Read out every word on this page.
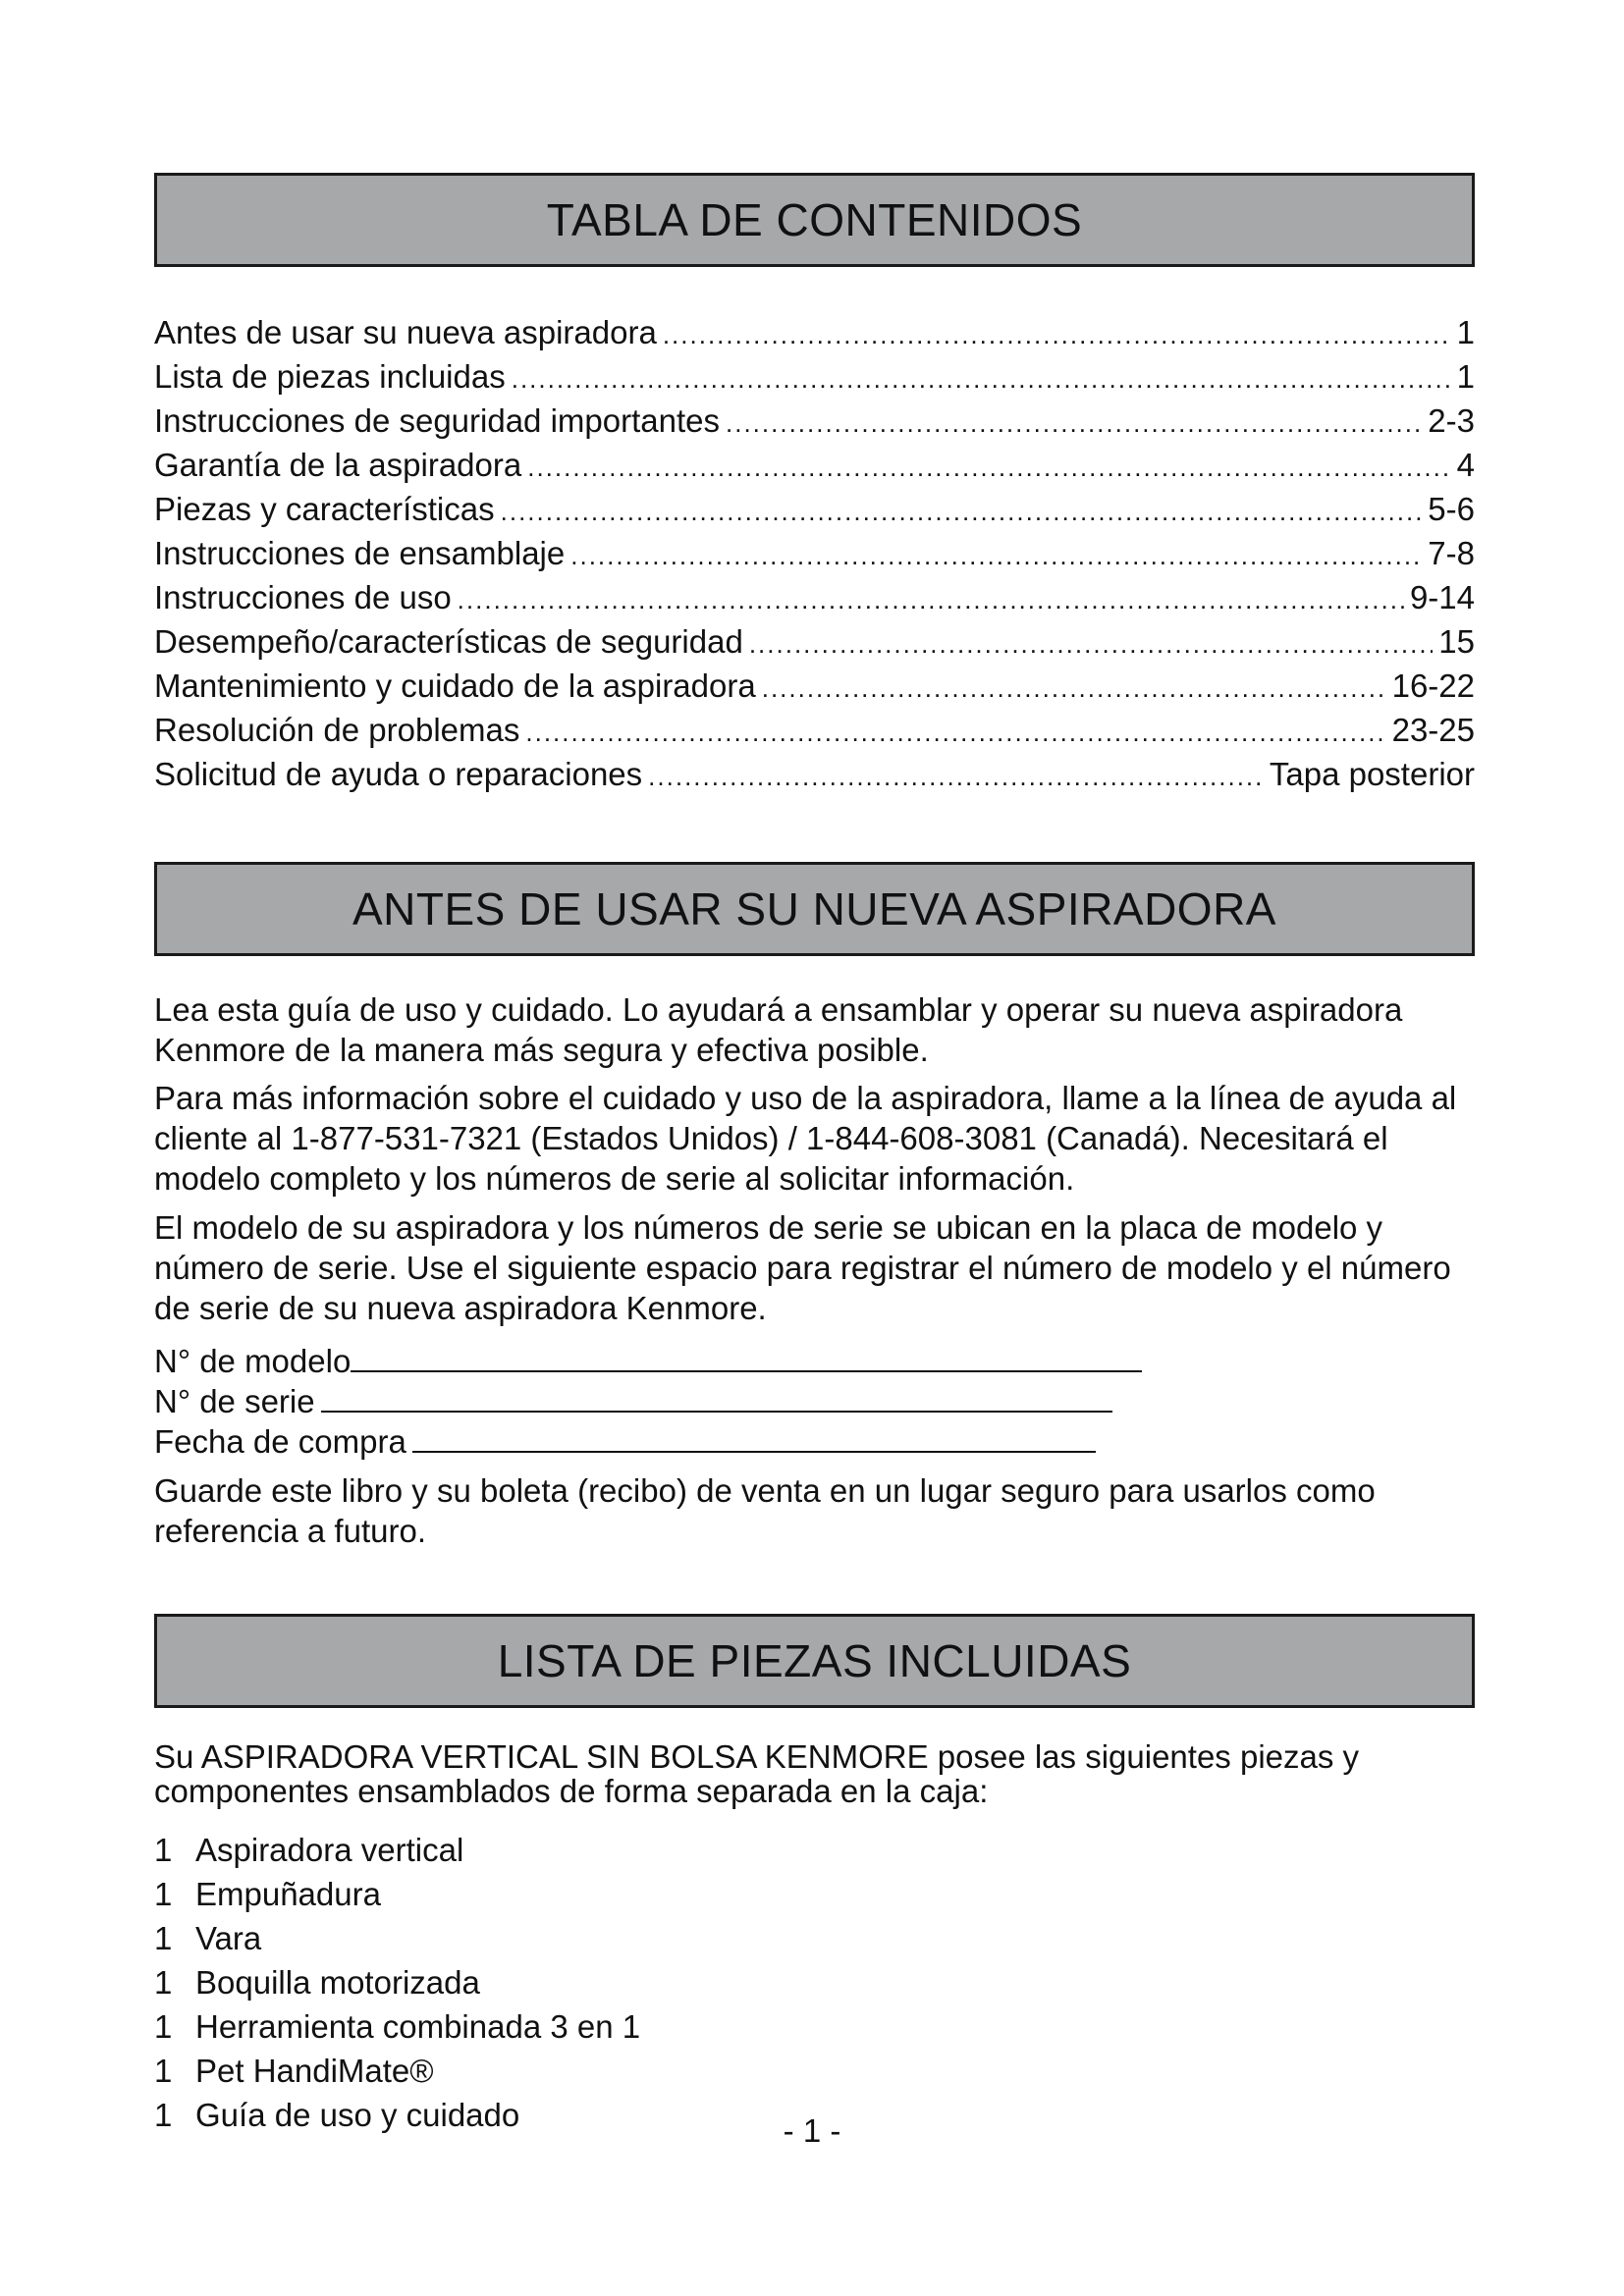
TABLA DE CONTENIDOS
Antes de usar su nueva aspiradora .....	1
Lista de piezas incluidas .....	1
Instrucciones de seguridad importantes .....	2-3
Garantía de la aspiradora .....	4
Piezas y características .....	5-6
Instrucciones de ensamblaje .....	7-8
Instrucciones de uso .....	9-14
Desempeño/características de seguridad .....	15
Mantenimiento y cuidado de la aspiradora .....	16-22
Resolución de problemas .....	23-25
Solicitud de ayuda o reparaciones .....	Tapa posterior
ANTES DE USAR SU NUEVA ASPIRADORA

Lea esta guía de uso y cuidado. Lo ayudará a ensamblar y operar su nueva aspiradora Kenmore de la manera más segura y efectiva posible.

Para más información sobre el cuidado y uso de la aspiradora, llame a la línea de ayuda al cliente al 1-877-531-7321 (Estados Unidos) / 1-844-608-3081 (Canadá). Necesitará el modelo completo y los números de serie al solicitar información.

El modelo de su aspiradora y los números de serie se ubican en la placa de modelo y número de serie. Use el siguiente espacio para registrar el número de modelo y el número de serie de su nueva aspiradora Kenmore.

N° de modelo
N° de serie
Fecha de compra

Guarde este libro y su boleta (recibo) de venta en un lugar seguro para usarlos como referencia a futuro.

LISTA DE PIEZAS INCLUIDAS

Su ASPIRADORA VERTICAL SIN BOLSA KENMORE posee las siguientes piezas y componentes ensamblados de forma separada en la caja:

1 Aspiradora vertical
1 Empuñadura
1 Vara
1 Boquilla motorizada
1 Herramienta combinada 3 en 1
1 Pet HandiMate®
1 Guía de uso y cuidado	- 1 -
